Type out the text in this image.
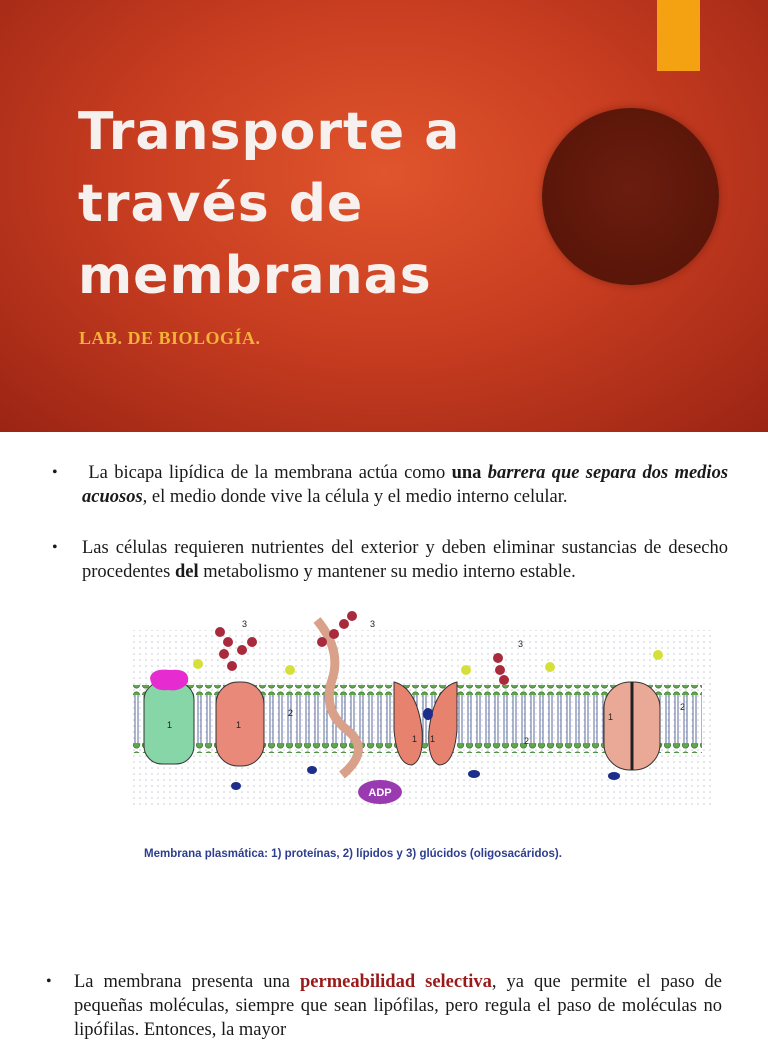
Transporte a través de membranas

LAB. DE BIOLOGÍA.

•	La bicapa lipídica de la membrana actúa como una barrera que separa dos medios acuosos, el medio donde vive la célula y el medio interno celular.

• Las células requieren nutrientes del exterior y deben eliminar sustancias de desecho procedentes del metabolismo y mantener su medio interno estable.

3	3
3
ADP
1	1
2
1 1	2
1
2
Membrana plasmática: 1) proteínas, 2) lípidos y 3) glúcidos (oligosacáridos).
• La membrana presenta una permeabilidad selectiva, ya que permite el paso de pequeñas moléculas, siempre que sean lipófilas, pero regula el paso de moléculas no lipófilas. Entonces, la mayor
